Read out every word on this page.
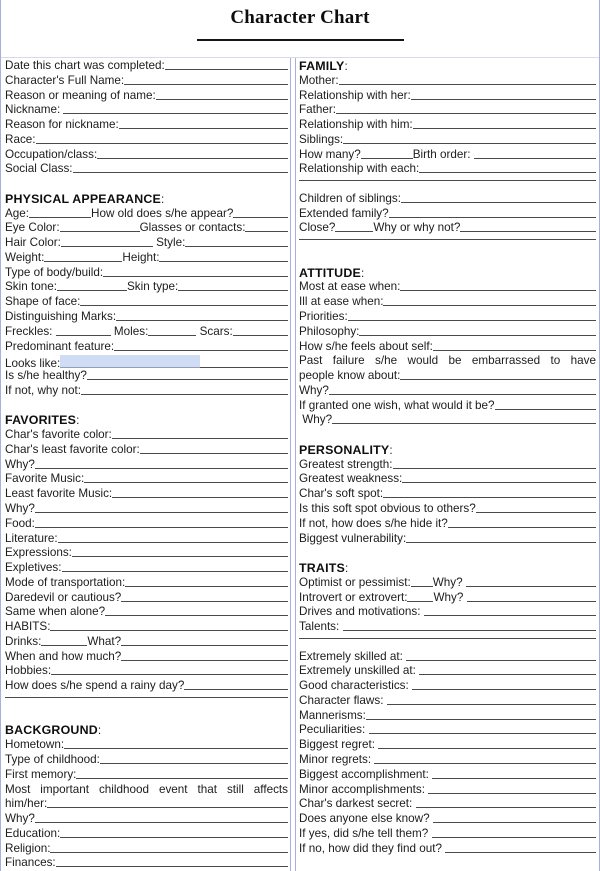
Character Chart
Date this chart was completed:
Character's Full Name:
Reason or meaning of name:
Nickname:
Reason for nickname:
Race:
Occupation/class:
Social Class:

PHYSICAL APPEARANCE :
Age:	How old does s/he appear?
Eye Color:	Glasses or contacts:
Hair Color:	Style:
Weight:	Height:
Type of body/build:
Skin tone:	Skin type:
Shape of face:
Distinguishing Marks:
Freckles:	Moles:	Scars:
Predominant feature:
Looks like:
Is s/he healthy?
If not, why not:

FAVORITES :
Char's favorite color:
Char's least favorite color:
Why?
Favorite Music:
Least favorite Music:
Why?
Food:
Literature:
Expressions:
Expletives:
Mode of transportation:
Daredevil or cautious?
Same when alone?
HABITS:
Drinks:	What?
When and how much?
Hobbies:
How does s/he spend a rainy day?

BACKGROUND :
Hometown:
Type of childhood:
First memory:
Most important childhood event that still affects
him/her:
Why?
Education:
Religion:
Finances:
FAMILY :
Mother:
Relationship with her:
Father:
Relationship with him:
Siblings:
How many?	Birth order:
Relationship with each:
Children of siblings:
Extended family?
Close?	Why or why not?

ATTITUDE :
Most at ease when:
Ill at ease when:
Priorities:
Philosophy:
How s/he feels about self:
Past failure s/he would be embarrassed to have
people know about:
Why?
If granted one wish, what would it be?
Why?

PERSONALITY :
Greatest strength:
Greatest weakness:
Char's soft spot:
Is this soft spot obvious to others?
If not, how does s/he hide it?
Biggest vulnerability:

TRAITS :
Optimist or pessimist: Why?
Introvert or extrovert: Why?
Drives and motivations:
Talents:
Extremely skilled at:
Extremely unskilled at:
Good characteristics:
Character flaws:
Mannerisms:
Peculiarities:
Biggest regret:
Minor regrets:
Biggest accomplishment:
Minor accomplishments:
Char's darkest secret:
Does anyone else know?
If yes, did s/he tell them?
If no, how did they find out?
